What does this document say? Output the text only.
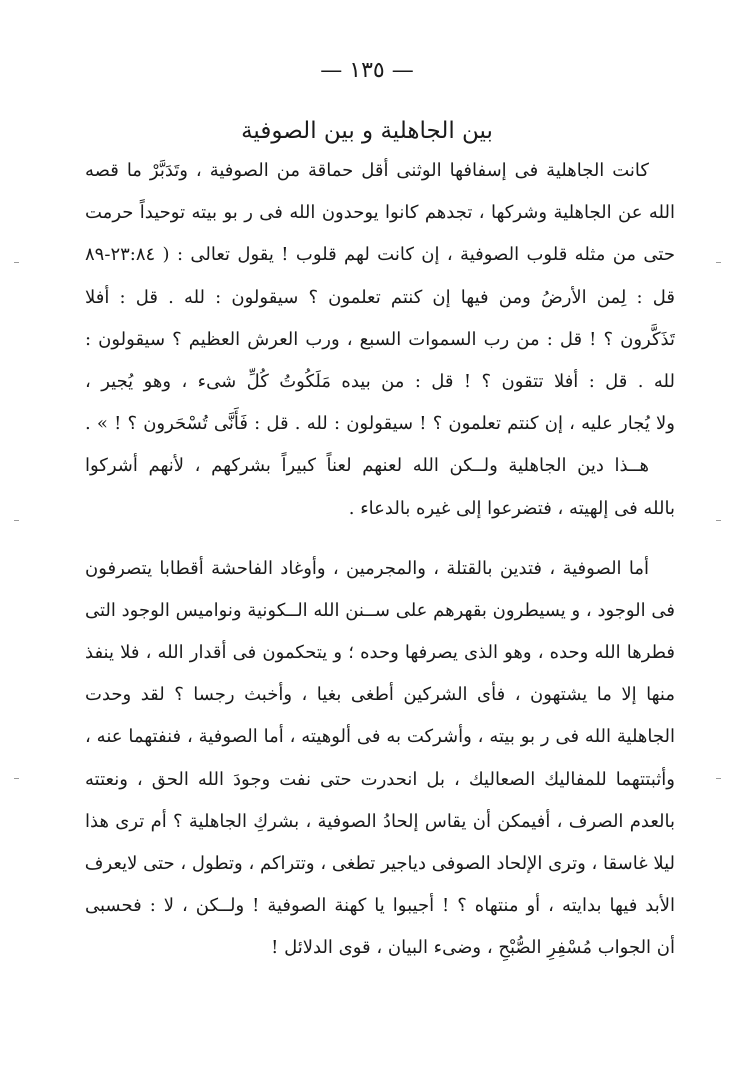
— ١٣٥ —
بين الجاهلية و بين الصوفية
كانت الجاهلية فى إسفافها الوثنى أقل حماقة من الصوفية ، وتَدَبَّرْ ما قصه
الله عن الجاهلية وشركها ، تجدهم كانوا يوحدون الله فى ر بو بيته توحيداً حرمت
حتى من مثله قلوب الصوفية ، إن كانت لهم قلوب ! يقول تعالى : ( ٢٣:٨٤-٨٩
قل : لِمن الأرضُ ومن فيها إن كنتم تعلمون ؟ سيقولون : لله . قل : أفلا
تَذَكَّرون ؟ ! قل : من رب السموات السبع ، ورب العرش العظيم ؟ سيقولون :
لله . قل : أفلا تتقون ؟ ! قل : من بيده مَلَكُوتُ كُلِّ شىء ، وهو يُجير ،
ولا يُجار عليه ، إن كنتم تعلمون ؟ ! سيقولون : لله . قل : فَأَنَّى تُسْحَرون ؟ ! » .
هــذا دين الجاهلية ولــكن الله لعنهم لعناً كبيراً بشركهم ، لأنهم أشركوا
بالله فى إلهيته ، فتضرعوا إلى غيره بالدعاء .
أما الصوفية ، فتدين بالقتلة ، والمجرمين ، وأوغاد الفاحشة أقطابا يتصرفون
فى الوجود ، و يسيطرون بقهرهم على ســنن الله الــكونية ونواميس الوجود التى
فطرها الله وحده ، وهو الذى يصرفها وحده ؛ و يتحكمون فى أقدار الله ، فلا ينفذ
منها إلا ما يشتهون ، فأى الشركين أطغى بغيا ، وأخبث رجسا ؟ لقد وحدت
الجاهلية الله فى ر بو بيته ، وأشركت به فى ألوهيته ، أما الصوفية ، فنفتهما عنه ،
وأثبتتهما للمفاليك الصعاليك ، بل انحدرت حتى نفت وجودَ الله الحق ، ونعتته
بالعدم الصرف ، أفيمكن أن يقاس إلحادُ الصوفية ، بشركِ الجاهلية ؟ أم ترى هذا
ليلا غاسقا ، وترى الإلحاد الصوفى دياجير تطغى ، وتتراكم ، وتطول ، حتى لايعرف
الأبد فيها بدايته ، أو منتهاه ؟ ! أجيبوا يا كهنة الصوفية ! ولــكن ، لا : فحسبى
أن الجواب مُسْفِرِ الصُّبْحِ ، وضىء البيان ، قوى الدلائل !
